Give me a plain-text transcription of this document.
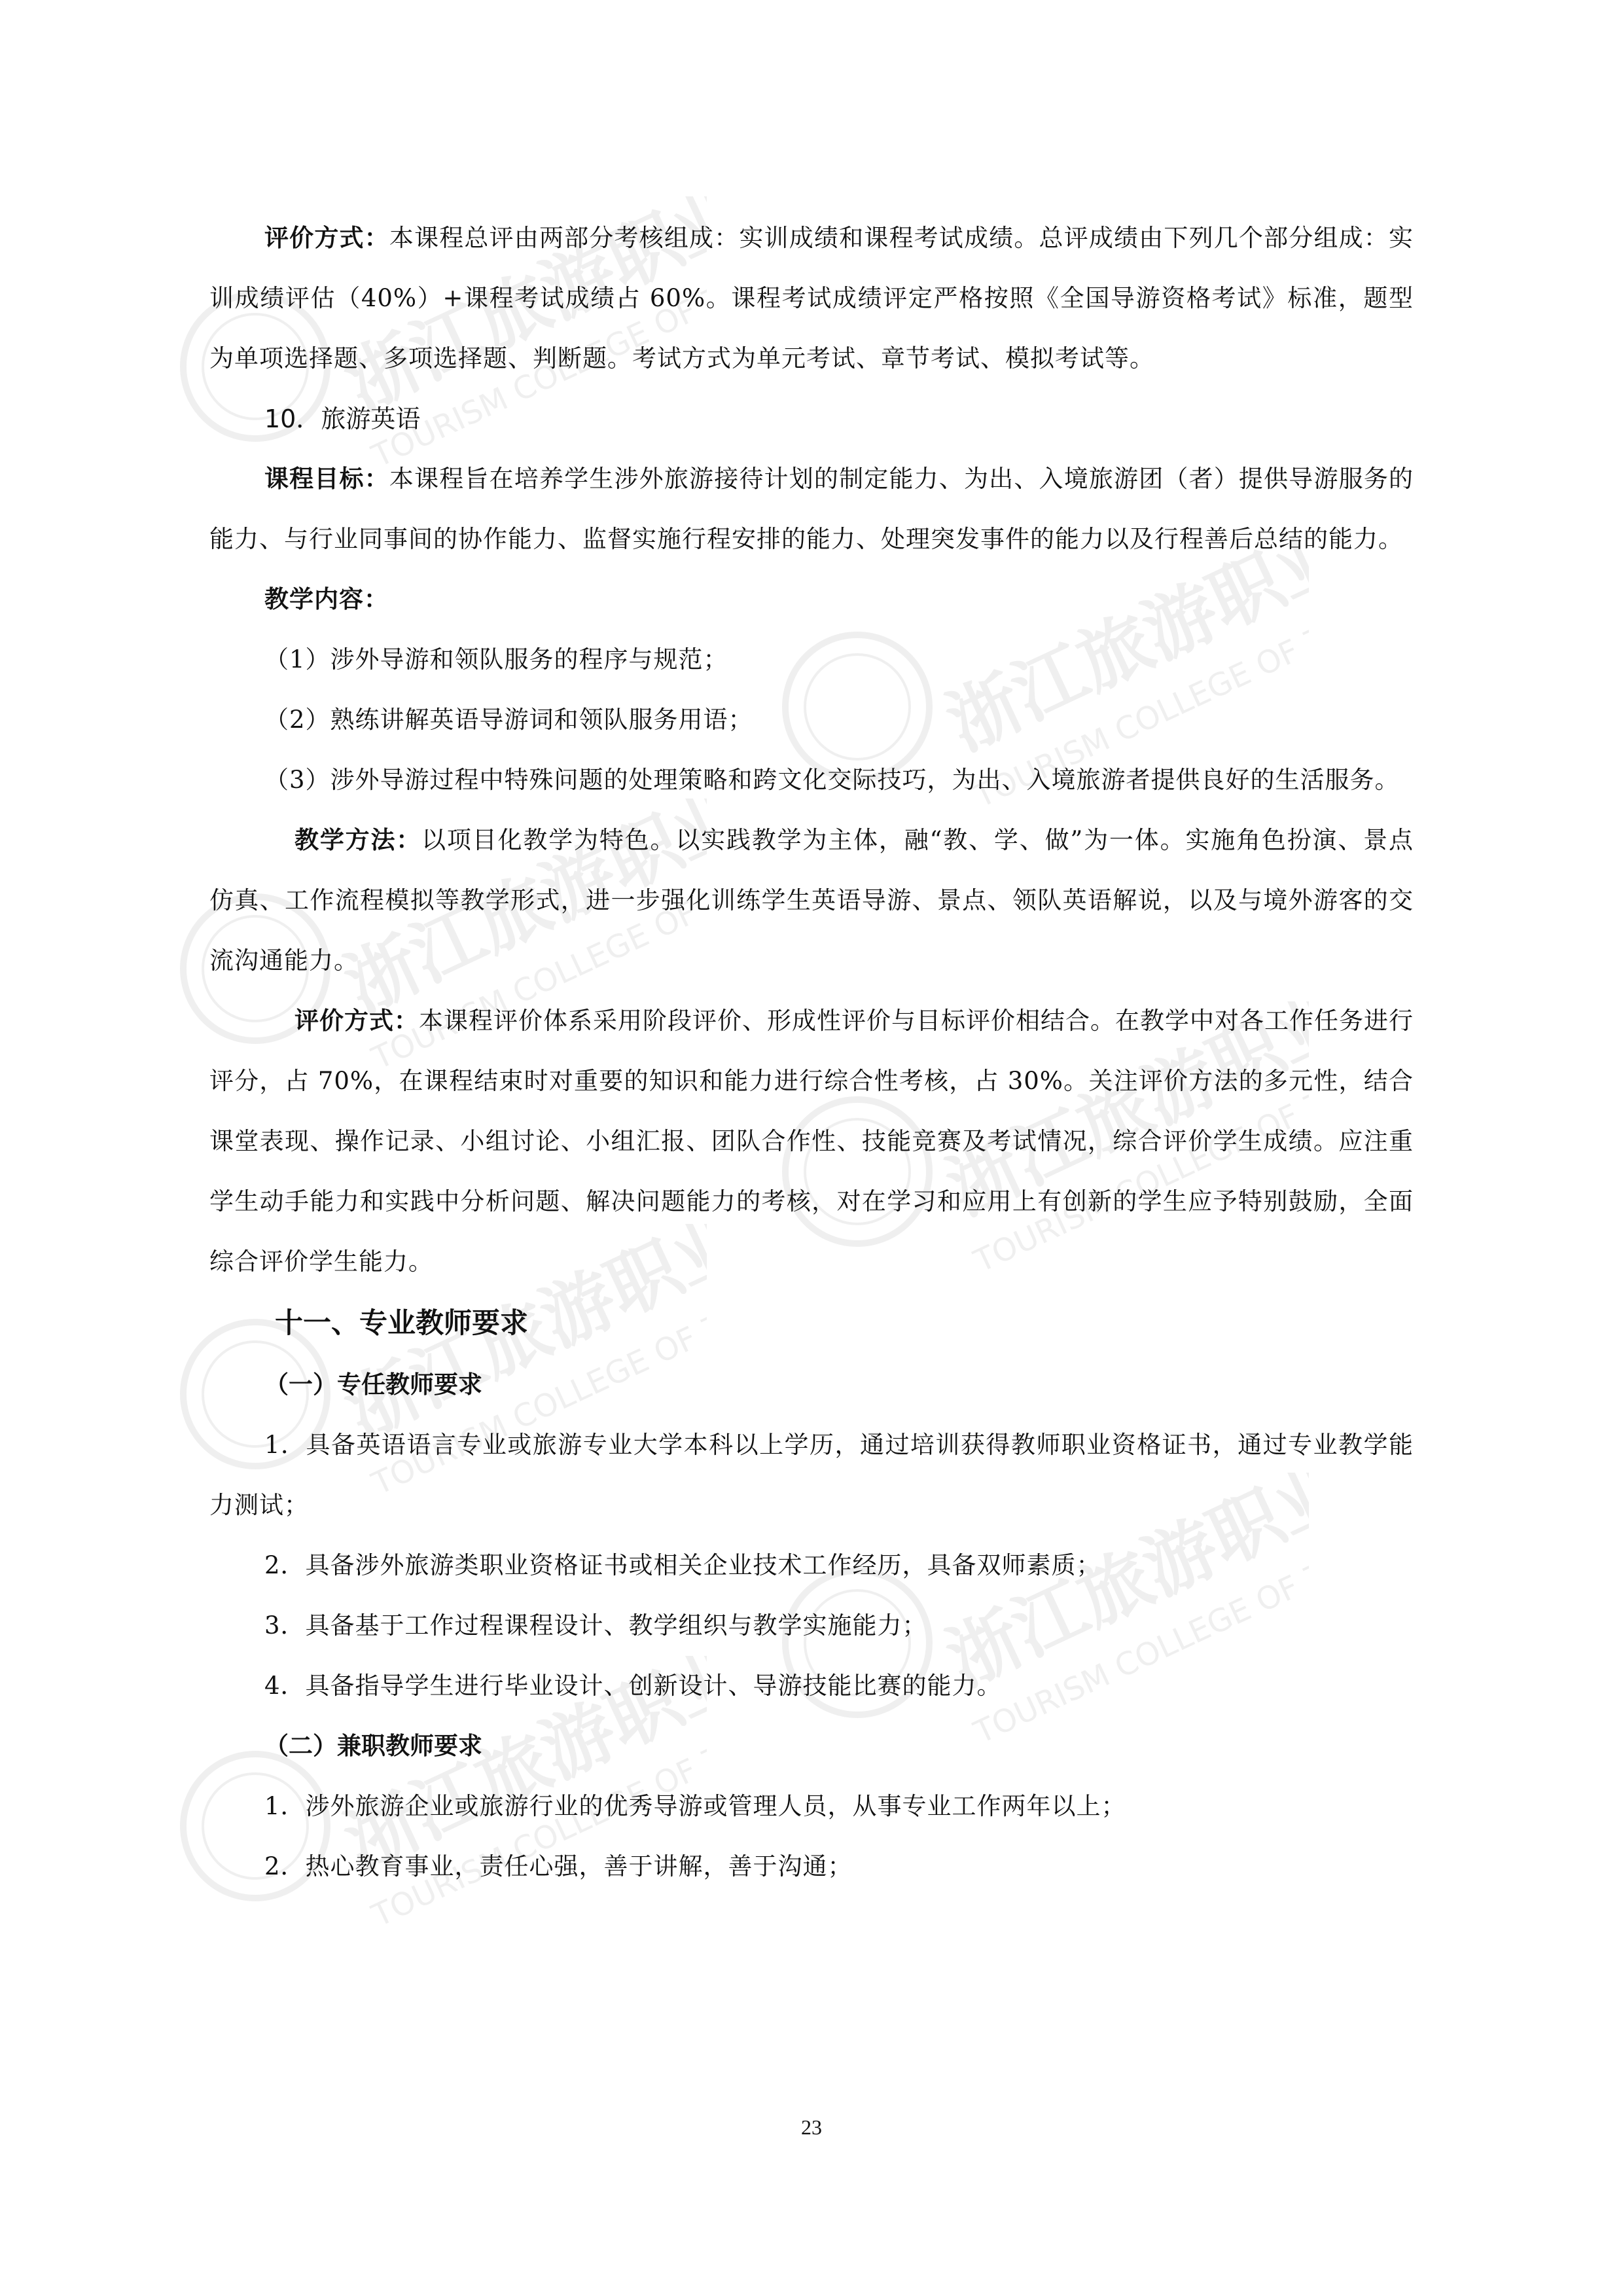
浙江旅游职业学院
TOURISM COLLEGE OF ZHEJIANG
浙江旅游职业学院
TOURISM COLLEGE OF ZHEJIANG
浙江旅游职业学院
TOURISM COLLEGE OF ZHEJIANG
浙江旅游职业学院
TOURISM COLLEGE OF ZHEJIANG
浙江旅游职业学院
TOURISM COLLEGE OF ZHEJIANG
浙江旅游职业学院
TOURISM COLLEGE OF ZHEJIANG
浙江旅游职业学院
TOURISM COLLEGE OF ZHEJIANG

评价方式：本课程总评由两部分考核组成：实训成绩和课程考试成绩。总评成绩由下列几个部分组成：实训成绩评估（40%）+课程考试成绩占 60%。课程考试成绩评定严格按照《全国导游资格考试》标准，题型为单项选择题、多项选择题、判断题。考试方式为单元考试、章节考试、模拟考试等。

10．旅游英语

课程目标：本课程旨在培养学生涉外旅游接待计划的制定能力、为出、入境旅游团（者）提供导游服务的能力、与行业同事间的协作能力、监督实施行程安排的能力、处理突发事件的能力以及行程善后总结的能力。

教学内容：

（1）涉外导游和领队服务的程序与规范；

（2）熟练讲解英语导游词和领队服务用语；

（3）涉外导游过程中特殊问题的处理策略和跨文化交际技巧，为出、入境旅游者提供良好的生活服务。

教学方法：以项目化教学为特色。以实践教学为主体，融“教、学、做”为一体。实施角色扮演、景点仿真、工作流程模拟等教学形式，进一步强化训练学生英语导游、景点、领队英语解说，以及与境外游客的交流沟通能力。

评价方式：本课程评价体系采用阶段评价、形成性评价与目标评价相结合。在教学中对各工作任务进行评分，占 70%，在课程结束时对重要的知识和能力进行综合性考核，占 30%。关注评价方法的多元性，结合课堂表现、操作记录、小组讨论、小组汇报、团队合作性、技能竞赛及考试情况，综合评价学生成绩。应注重学生动手能力和实践中分析问题、解决问题能力的考核，对在学习和应用上有创新的学生应予特别鼓励，全面综合评价学生能力。

十一、专业教师要求

（一）专任教师要求

1．具备英语语言专业或旅游专业大学本科以上学历，通过培训获得教师职业资格证书，通过专业教学能力测试；

2．具备涉外旅游类职业资格证书或相关企业技术工作经历，具备双师素质；

3．具备基于工作过程课程设计、教学组织与教学实施能力；

4．具备指导学生进行毕业设计、创新设计、导游技能比赛的能力。

（二）兼职教师要求

1．涉外旅游企业或旅游行业的优秀导游或管理人员，从事专业工作两年以上；

2．热心教育事业，责任心强，善于讲解，善于沟通；

23
